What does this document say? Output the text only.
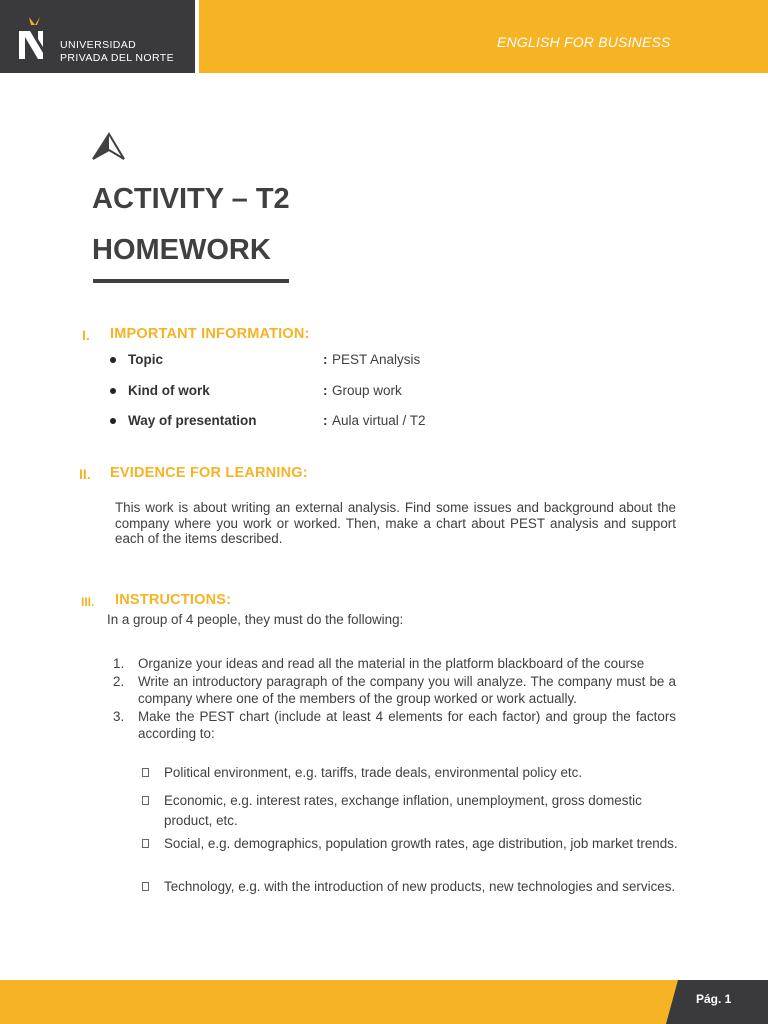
UNIVERSIDAD
PRIVADA DEL NORTE
ENGLISH FOR BUSINESS
ACTIVITY – T2
HOMEWORK
I. IMPORTANT INFORMATION:
Topic	: PEST Analysis
Kind of work	: Group work
Way of presentation	: Aula virtual / T2
II. EVIDENCE FOR LEARNING:
This work is about writing an external analysis. Find some issues and background about the company where you work or worked. Then, make a chart about PEST analysis and support each of the items described.
III. INSTRUCTIONS:
In a group of 4 people, they must do the following:
1. Organize your ideas and read all the material in the platform blackboard of the course
2. Write an introductory paragraph of the company you will analyze. The company must be a company where one of the members of the group worked or work actually.
3. Make the PEST chart (include at least 4 elements for each factor) and group the factors according to:
Political environment, e.g. tariffs, trade deals, environmental policy etc.
Economic, e.g. interest rates, exchange inflation, unemployment, gross domestic product, etc.
Social, e.g. demographics, population growth rates, age distribution, job market trends.
Technology, e.g. with the introduction of new products, new technologies and services.
Pág. 1
